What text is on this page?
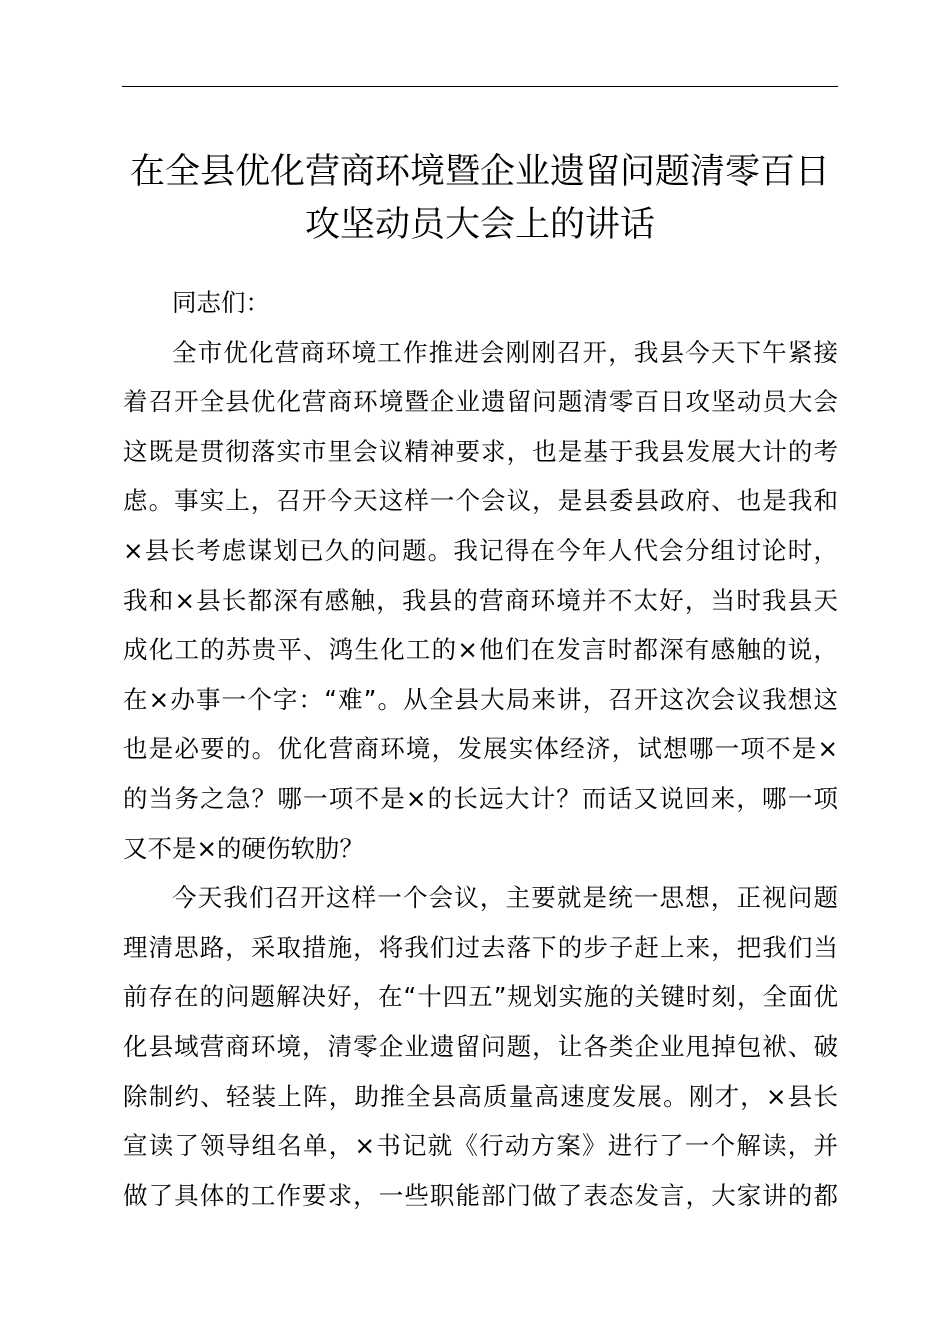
在全县优化营商环境暨企业遗留问题清零百日
攻坚动员大会上的讲话
同志们：
全市优化营商环境工作推进会刚刚召开，我县今天下午紧接
着召开全县优化营商环境暨企业遗留问题清零百日攻坚动员大会
这既是贯彻落实市里会议精神要求，也是基于我县发展大计的考
虑。事实上，召开今天这样一个会议，是县委县政府、也是我和
×县长考虑谋划已久的问题。我记得在今年人代会分组讨论时，
我和×县长都深有感触，我县的营商环境并不太好，当时我县天
成化工的苏贵平、鸿生化工的×他们在发言时都深有感触的说，
在×办事一个字：“难”。从全县大局来讲，召开这次会议我想这
也是必要的。优化营商环境，发展实体经济，试想哪一项不是×
的当务之急？哪一项不是×的长远大计？而话又说回来，哪一项
又不是×的硬伤软肋？
今天我们召开这样一个会议，主要就是统一思想，正视问题
理清思路，采取措施，将我们过去落下的步子赶上来，把我们当
前存在的问题解决好，在“十四五”规划实施的关键时刻，全面优
化县域营商环境，清零企业遗留问题，让各类企业甩掉包袱、破
除制约、轻装上阵，助推全县高质量高速度发展。刚才，×县长
宣读了领导组名单，×书记就《行动方案》进行了一个解读，并
做了具体的工作要求，一些职能部门做了表态发言，大家讲的都
